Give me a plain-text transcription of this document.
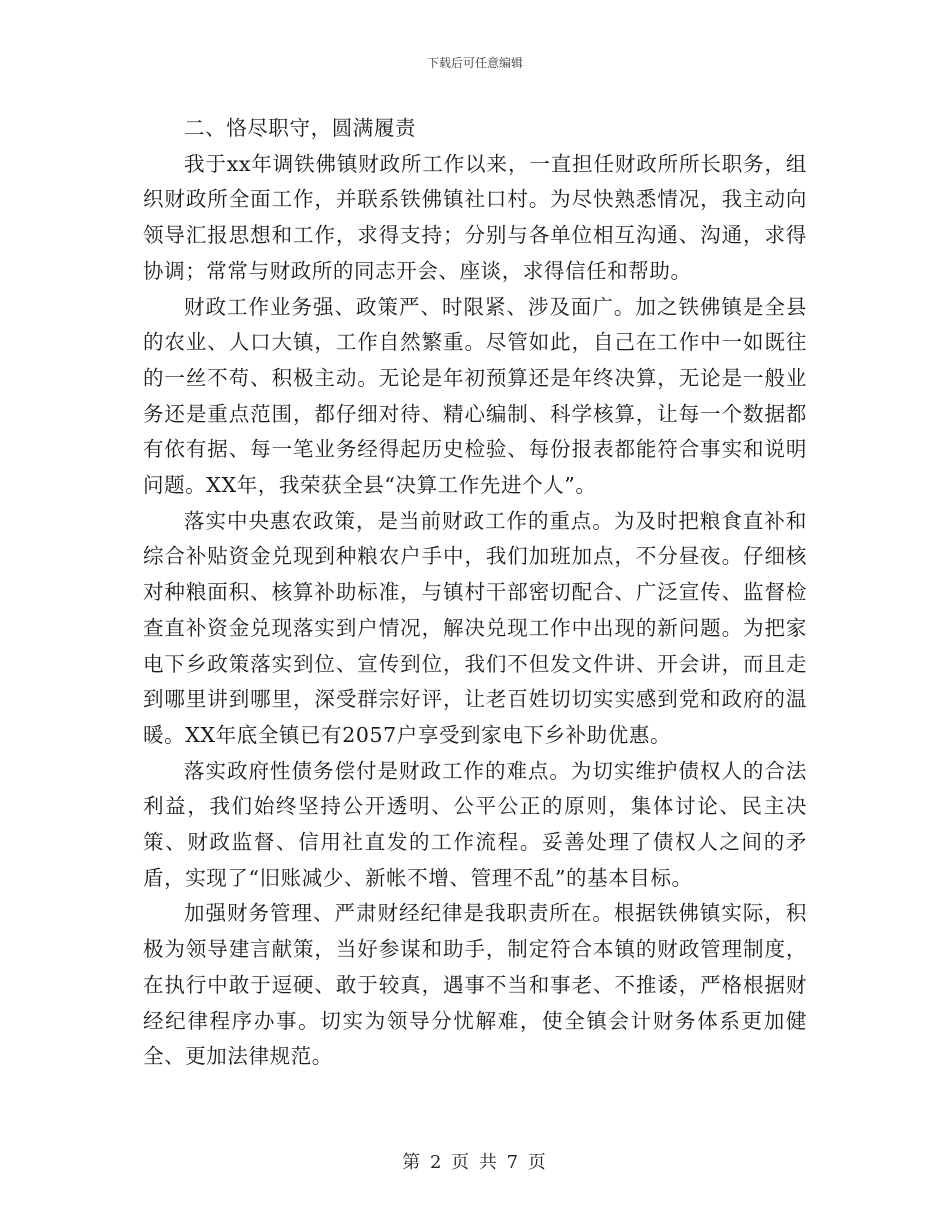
下载后可任意编辑

二、恪尽职守，圆满履责

我于xx年调铁佛镇财政所工作以来，一直担任财政所所长职务，组织财政所全面工作，并联系铁佛镇社口村。为尽快熟悉情况，我主动向领导汇报思想和工作，求得支持；分别与各单位相互沟通、沟通，求得协调；常常与财政所的同志开会、座谈，求得信任和帮助。

财政工作业务强、政策严、时限紧、涉及面广。加之铁佛镇是全县的农业、人口大镇，工作自然繁重。尽管如此，自己在工作中一如既往的一丝不苟、积极主动。无论是年初预算还是年终决算，无论是一般业务还是重点范围，都仔细对待、精心编制、科学核算，让每一个数据都有依有据、每一笔业务经得起历史检验、每份报表都能符合事实和说明问题。XX年，我荣获全县“决算工作先进个人”。

落实中央惠农政策，是当前财政工作的重点。为及时把粮食直补和综合补贴资金兑现到种粮农户手中，我们加班加点，不分昼夜。仔细核对种粮面积、核算补助标准，与镇村干部密切配合、广泛宣传、监督检查直补资金兑现落实到户情况，解决兑现工作中出现的新问题。为把家电下乡政策落实到位、宣传到位，我们不但发文件讲、开会讲，而且走到哪里讲到哪里，深受群宗好评，让老百姓切切实实感到党和政府的温暖。XX年底全镇已有2057户享受到家电下乡补助优惠。

落实政府性债务偿付是财政工作的难点。为切实维护债权人的合法利益，我们始终坚持公开透明、公平公正的原则，集体讨论、民主决策、财政监督、信用社直发的工作流程。妥善处理了债权人之间的矛盾，实现了“旧账减少、新帐不增、管理不乱”的基本目标。

加强财务管理、严肃财经纪律是我职责所在。根据铁佛镇实际，积极为领导建言献策，当好参谋和助手，制定符合本镇的财政管理制度，在执行中敢于逗硬、敢于较真，遇事不当和事老、不推诿，严格根据财经纪律程序办事。切实为领导分忧解难，使全镇会计财务体系更加健全、更加法律规范。

第 2 页 共 7 页
